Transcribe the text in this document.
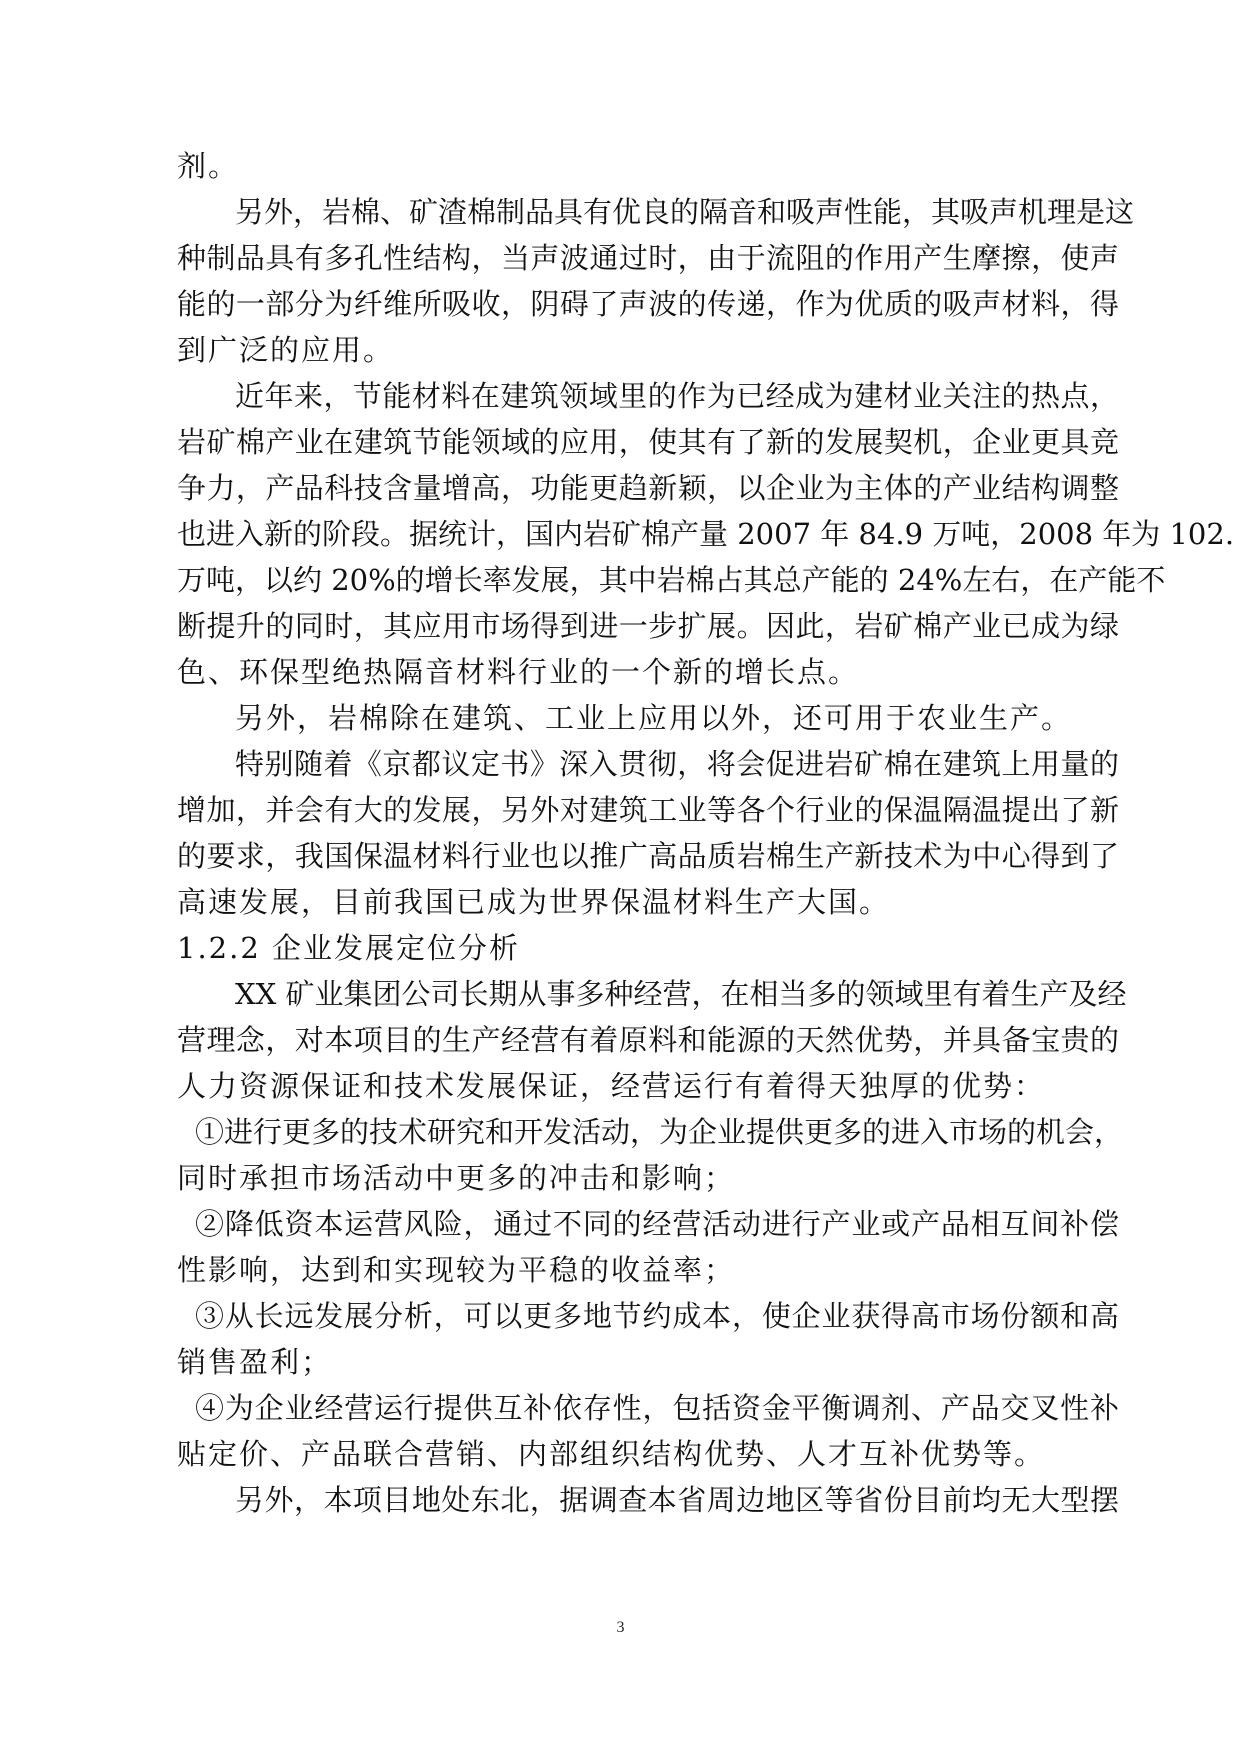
剂。
另外，岩棉、矿渣棉制品具有优良的隔音和吸声性能，其吸声机理是这
种制品具有多孔性结构，当声波通过时，由于流阻的作用产生摩擦，使声
能的一部分为纤维所吸收，阴碍了声波的传递，作为优质的吸声材料，得
到广泛的应用。
近年来，节能材料在建筑领域里的作为已经成为建材业关注的热点，
岩矿棉产业在建筑节能领域的应用，使其有了新的发展契机，企业更具竞
争力，产品科技含量增高，功能更趋新颖，以企业为主体的产业结构调整
也进入新的阶段。据统计，国内岩矿棉产量 2007 年 84.9 万吨，2008 年为 102.
万吨，以约 20%的增长率发展，其中岩棉占其总产能的 24%左右，在产能不
断提升的同时，其应用市场得到进一步扩展。因此，岩矿棉产业已成为绿
色、环保型绝热隔音材料行业的一个新的增长点。
另外，岩棉除在建筑、工业上应用以外，还可用于农业生产。
特别随着《京都议定书》深入贯彻，将会促进岩矿棉在建筑上用量的
增加，并会有大的发展，另外对建筑工业等各个行业的保温隔温提出了新
的要求，我国保温材料行业也以推广高品质岩棉生产新技术为中心得到了
高速发展，目前我国已成为世界保温材料生产大国。
1.2.2 企业发展定位分析
XX 矿业集团公司长期从事多种经营，在相当多的领域里有着生产及经
营理念，对本项目的生产经营有着原料和能源的天然优势，并具备宝贵的
人力资源保证和技术发展保证，经营运行有着得天独厚的优势：
①进行更多的技术研究和开发活动，为企业提供更多的进入市场的机会，
同时承担市场活动中更多的冲击和影响；
②降低资本运营风险，通过不同的经营活动进行产业或产品相互间补偿
性影响，达到和实现较为平稳的收益率；
③从长远发展分析，可以更多地节约成本，使企业获得高市场份额和高
销售盈利；
④为企业经营运行提供互补依存性，包括资金平衡调剂、产品交叉性补
贴定价、产品联合营销、内部组织结构优势、人才互补优势等。
另外，本项目地处东北，据调查本省周边地区等省份目前均无大型摆
3
